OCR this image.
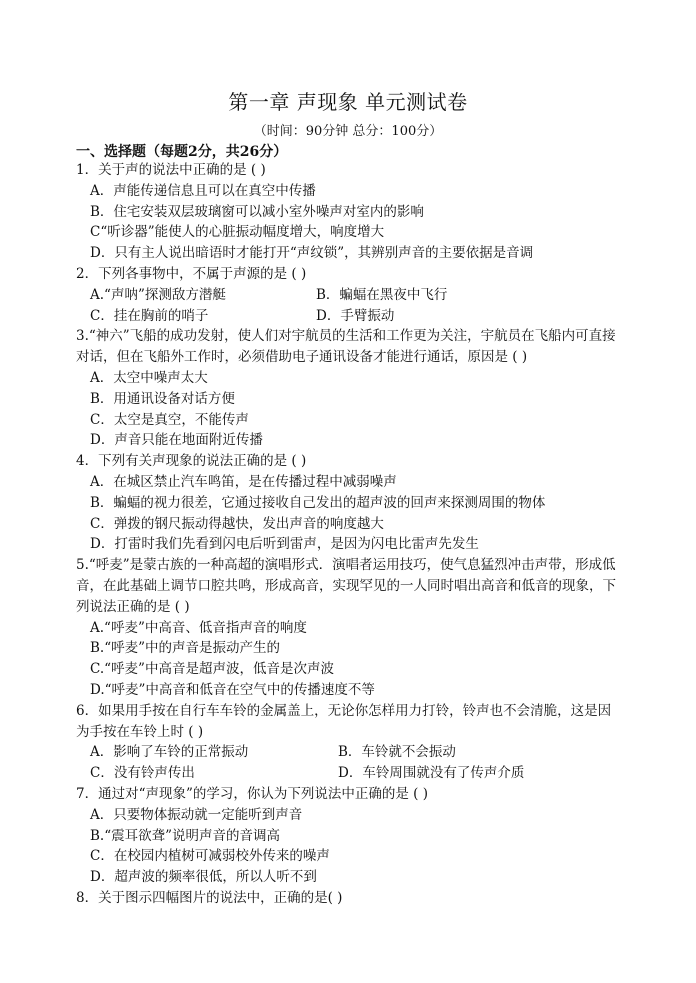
第一章 声现象 单元测试卷
（时间：90分钟 总分：100分）
一、选择题（每题2分，共26分）

1．关于声的说法中正确的是 ( )

A．声能传递信息且可以在真空中传播

B．住宅安装双层玻璃窗可以减小室外噪声对室内的影响

C“听诊器”能使人的心脏振动幅度增大，响度增大

D．只有主人说出暗语时才能打开“声纹锁”，其辨别声音的主要依据是音调

2．下列各事物中，不属于声源的是 ( )

A.“声呐”探测敌方潜艇	B．蝙蝠在黑夜中飞行

C．挂在胸前的哨子	D．手臂振动

3.“神六”飞船的成功发射，使人们对宇航员的生活和工作更为关注，宇航员在飞船内可直接对话，但在飞船外工作时，必须借助电子通讯设备才能进行通话，原因是 ( )

A．太空中噪声太大

B．用通讯设备对话方便

C．太空是真空，不能传声

D．声音只能在地面附近传播

4．下列有关声现象的说法正确的是 ( )

A．在城区禁止汽车鸣笛，是在传播过程中减弱噪声

B．蝙蝠的视力很差，它通过接收自己发出的超声波的回声来探测周围的物体

C．弹拨的钢尺振动得越快，发出声音的响度越大

D．打雷时我们先看到闪电后听到雷声，是因为闪电比雷声先发生

5.“呼麦”是蒙古族的一种高超的演唱形式．演唱者运用技巧，使气息猛烈冲击声带，形成低音，在此基础上调节口腔共鸣，形成高音，实现罕见的一人同时唱出高音和低音的现象，下列说法正确的是 ( )

A.“呼麦”中高音、低音指声音的响度

B.“呼麦”中的声音是振动产生的

C.“呼麦”中高音是超声波，低音是次声波

D.“呼麦”中高音和低音在空气中的传播速度不等

6．如果用手按在自行车车铃的金属盖上，无论你怎样用力打铃，铃声也不会清脆，这是因为手按在车铃上时 ( )

A．影响了车铃的正常振动	B．车铃就不会振动

C．没有铃声传出	D．车铃周围就没有了传声介质

7．通过对“声现象”的学习，你认为下列说法中正确的是 ( )

A．只要物体振动就一定能听到声音

B.“震耳欲聋”说明声音的音调高

C．在校园内植树可减弱校外传来的噪声

D．超声波的频率很低，所以人听不到

8．关于图示四幅图片的说法中，正确的是( )
